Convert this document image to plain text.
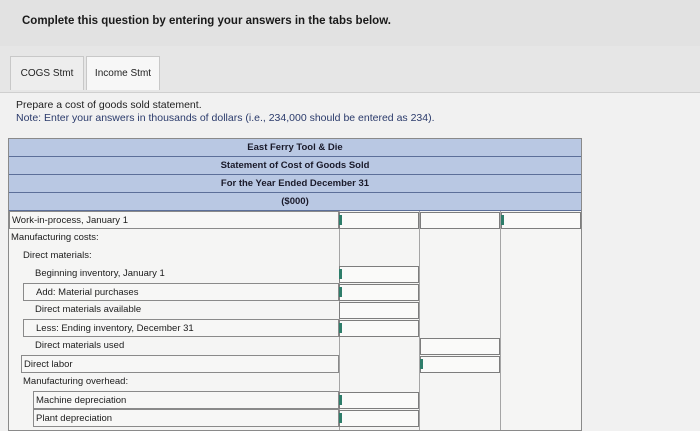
Complete this question by entering your answers in the tabs below.
COGS Stmt	Income Stmt
Prepare a cost of goods sold statement.
Note: Enter your answers in thousands of dollars (i.e., 234,000 should be entered as 234).
East Ferry Tool & Die
Statement of Cost of Goods Sold
For the Year Ended December 31
($000)
Work-in-process, January 1
Manufacturing costs:
Direct materials:
Beginning inventory, January 1
Add: Material purchases
Direct materials available
Less: Ending inventory, December 31
Direct materials used
Direct labor
Manufacturing overhead:
Machine depreciation
Plant depreciation
